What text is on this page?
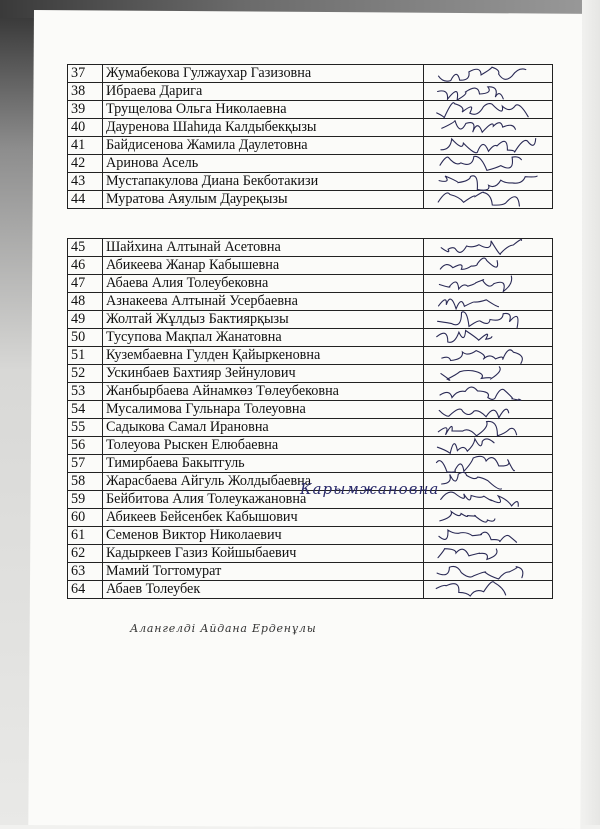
37	Жумабекова Гулжаухар Газизовна	

38	Ибраева Дарига	

39	Трущелова Ольга Николаевна	

40	Дауренова Шаһида Калдыбекқызы	

41	Байдисенова Жамила Даулетовна	

42	Аринова Асель	

43	Мустапакулова Диана Бекботакизи	

44	Муратова Аяулым Дауреқызы	
45	Шайхина Алтынай Асетовна	

46	Абикеева Жанар Кабышевна	

47	Абаева Алия Толеубековна	

48	Азнакеева Алтынай Усербаевна	

49	Жолтай Жұлдыз Бактиярқызы	

50	Тусупова Мақпал Жанатовна	

51	Кузембаевна Гулден Қайыркеновна	

52	Ускинбаев Бахтияр Зейнулович	

53	Жанбырбаева Айнамкөз Төлеубековна	

54	Мусалимова Гульнара Толеуовна	

55	Садыкова Самал Ирановна	

56	Толеуова Рыскен Елюбаевна	

57	Тимирбаева Бакытгуль	

58	Жарасбаева Айгуль Жолдыбаевна	

59	Бейбитова Алия Толеукажановна	

60	Абикеев Бейсенбек Кабышович	

61	Семенов Виктор Николаевич	

62	Кадыркеев Газиз Койшыбаевич	

63	Мамий Тогтомурат	

64	Абаев Толеубек	
Карымжановна
Алангелді Айдана Ерденұлы
